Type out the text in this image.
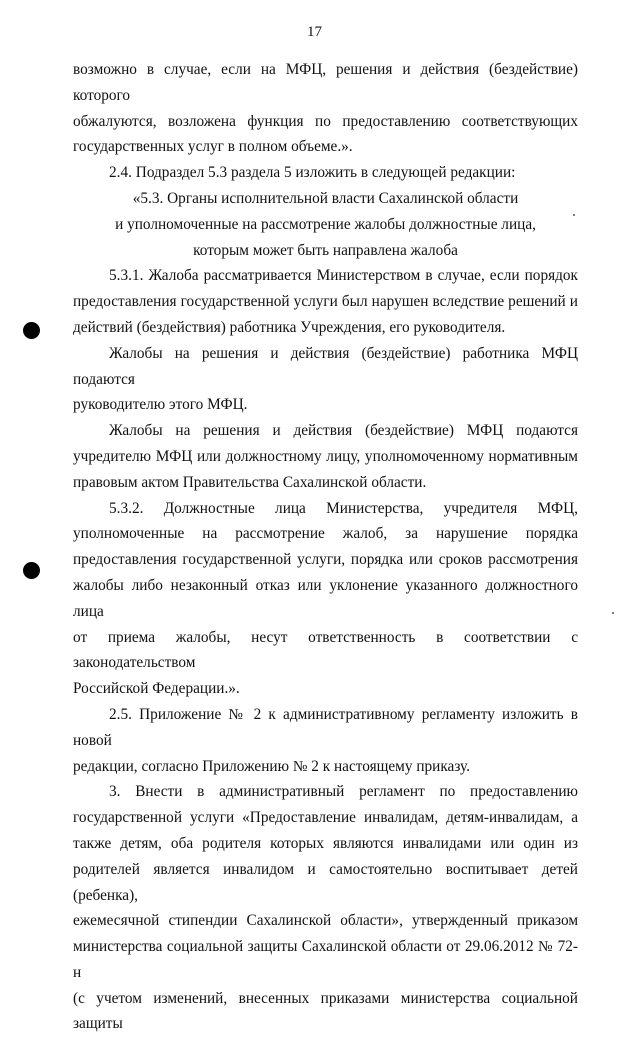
17

возможно в случае, если на МФЦ, решения и действия (бездействие) которого
обжалуются, возложена функция по предоставлению соответствующих
государственных услуг в полном объеме.».

2.4. Подраздел 5.3 раздела 5 изложить в следующей редакции:

«5.3. Органы исполнительной власти Сахалинской области
и уполномоченные на рассмотрение жалобы должностные лица,
которым может быть направлена жалоба

5.3.1. Жалоба рассматривается Министерством в случае, если порядок
предоставления государственной услуги был нарушен вследствие решений и
действий (бездействия) работника Учреждения, его руководителя.

Жалобы на решения и действия (бездействие) работника МФЦ подаются
руководителю этого МФЦ.

Жалобы на решения и действия (бездействие) МФЦ подаются
учредителю МФЦ или должностному лицу, уполномоченному нормативным
правовым актом Правительства Сахалинской области.

5.3.2. Должностные лица Министерства, учредителя МФЦ,
уполномоченные на рассмотрение жалоб, за нарушение порядка
предоставления государственной услуги, порядка или сроков рассмотрения
жалобы либо незаконный отказ или уклонение указанного должностного лица
от приема жалобы, несут ответственность в соответствии с законодательством
Российской Федерации.».

2.5. Приложение № 2 к административному регламенту изложить в новой
редакции, согласно Приложению № 2 к настоящему приказу.

3. Внести в административный регламент по предоставлению
государственной услуги «Предоставление инвалидам, детям-инвалидам, а
также детям, оба родителя которых являются инвалидами или один из
родителей является инвалидом и самостоятельно воспитывает детей (ребенка),
ежемесячной стипендии Сахалинской области», утвержденный приказом
министерства социальной защиты Сахалинской области от 29.06.2012 № 72-н
(с учетом изменений, внесенных приказами министерства социальной защиты
